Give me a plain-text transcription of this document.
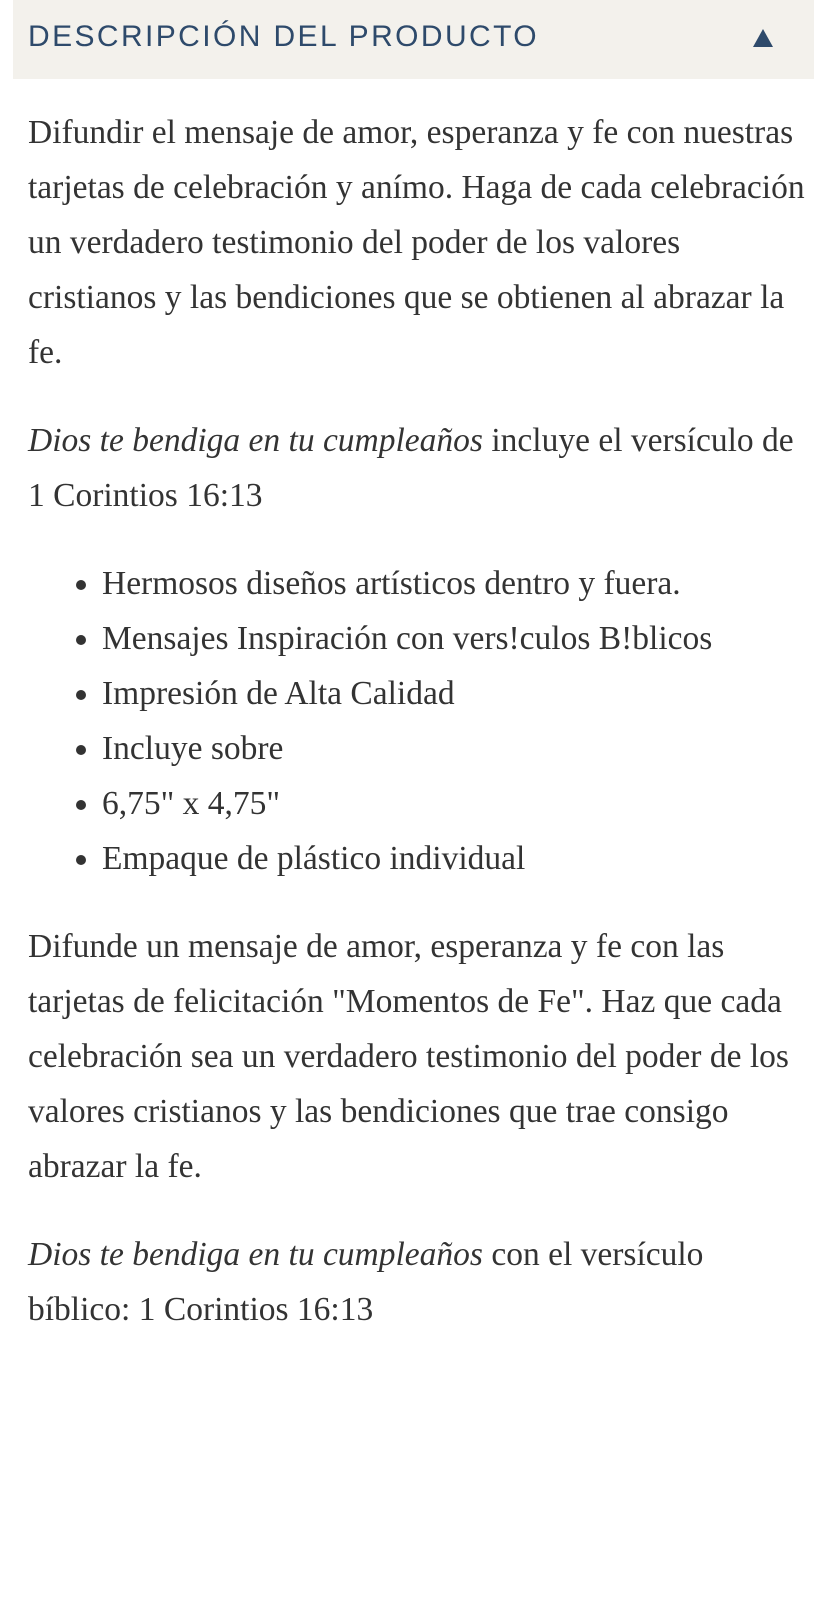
DESCRIPCIÓN DEL PRODUCTO

Difundir el mensaje de amor, esperanza y fe con nuestras tarjetas de celebración y anímo. Haga de cada celebración un verdadero testimonio del poder de los valores cristianos y las bendiciones que se obtienen al abrazar la fe.

Dios te bendiga en tu cumpleaños incluye el versículo de 1 Corintios 16:13

• Hermosos diseños artísticos dentro y fuera.
• Mensajes Inspiración con vers!culos B!blicos
• Impresión de Alta Calidad
• Incluye sobre
• 6,75" x 4,75"
• Empaque de plástico individual

Difunde un mensaje de amor, esperanza y fe con las tarjetas de felicitación "Momentos de Fe". Haz que cada celebración sea un verdadero testimonio del poder de los valores cristianos y las bendiciones que trae consigo abrazar la fe.

Dios te bendiga en tu cumpleaños con el versículo bíblico: 1 Corintios 16:13
